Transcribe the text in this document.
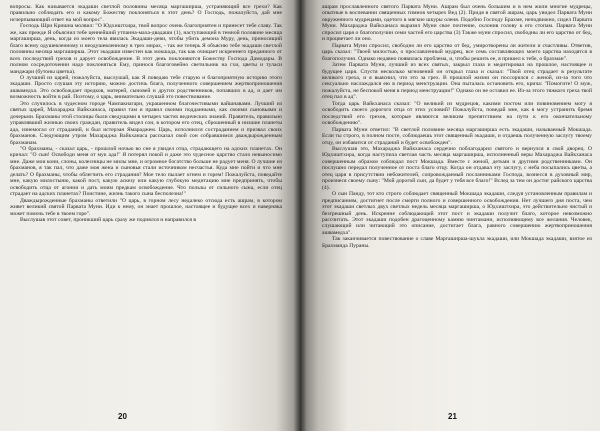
вопросы. Как называется экадаши светлой половины месяца маргаширша, устраняющий все грехи? Как правильно соблюдать его и какому Божеству поклоняться в этот день? О Господь, пожалуйста, дай мне исчерпывающий ответ на мой вопрос".

Господь Шри Кришна молвил: "О Юдхиштхира, твой вопрос очень благоприятен и принесет тебе славу. Так же, как прежде Я объяснил тебе ценнейший утпанна-маха-двадаши (1), наступающий в темной половине месяца маргаширша, день, когда из моего тела явилась Экадаши-деви, чтобы убить демона Муру, день, приносящий благо всему одушевленному и неодушевленному в трех мирах, - так же теперь Я объясню тебе экадаши светлой половины месяца маргаширша. Этот экадаши известен как мокшада, так как очищает искреннего преданного от всех последствий грехов и дарует освобождение. В этот день поклоняются Божеству Господа Дамодары. В полном сосредоточении надо поклоняться Ему, принося благоговейно светильник на гхи, цветы и тулаcи манджари (бутоны цветка).

О лучший из царей, пожалуйста, выслушай, как Я поведаю тебе старую и благоприятную историю этого экадаши. Просто слушая эту историю, можно достичь блага, полученного совершением жертвоприношения ашвамедха. Это освобождает предков, матерей, сыновей и других родственников, попавших в ад, и дает им возможность войти в рай. Поэтому, о царь, внимательно слушай это повествование.

Это случилось в чудесном городе Чампакнагари, украшенном благочестивыми вайшнавами. Лучший из святых царей, Махараджа Вайкханаса, правил там и правил своими подданными, как своими сыновьями и дочерьми. Брахманы этой столицы были сведущими в четырех частях ведических знаний. Правитель, правильно управлявший жизнью своих граждан, правитель видел сон, в котором его отец, сброшенный в низшие планеты ада, изнемогал от страданий, и был истерзан Ямараджем. Царь, исполнился состраданием и призвал своих брахманов. Следующим утром Махараджа Вайкханаса рассказал свой сон собравшимся дваждырожденным брахманам.

"О брахманы, - сказал царь, - прошлой ночью во сне я увидел отца, страдающего на адских планетах. Он кричал: "О сын! Освободи меня от мук ада!" Я потерял покой и даже это чудесное царство стало невыносимо мне. Даже мои кони, слоны, колесницы не милы мне, и огромное богатство больше не радует меня. О лучшие из брахманов, я так пал, что даже моя жена и сыновья стали источником несчастья. Куда мне пойти и что мне делать? О брахманы, чтобы облегчить его страдания? Мое тело пылает огнем и горем! Пожалуйста, поведайте мне, какую милостыню, какой пост, какую аскезу или какую глубокую медитацию мне предпринять, чтобы освободить отца от агонии и дать моим предкам освобождение. Что пользы от сильного сына, если отец страдает на адских планетах? Поистине, жизнь такого сына бесполезна!"

Дваждырожденные брахманы ответили "О царь, в горном лесу недалеко отсюда есть ашрам, в котором живет великий святой Парвата Муни. Иди к нему, он знает прошлое, настоящее и будущее всех и наверняка может помочь тебе в твоем горе".

Выслушав этот совет, проникший царь сразу же поднялся и направился в

20

ашрам прославленного святого Парвата Муни. Ашрам был очень большим и в нем жили многие мудрецы, опытные в воспевании священных гимнов четырех Вед (2). Придя в святой ашрам, царь увидел Парвата Муни окруженного мудрецами, одетого в мягкие шкуры оленя. Подобно Господу Брахме, неподвижно, сидел Парвата Муни. Махараджа Вайкханаса выразил Муни свое почтение, склонив голову к его стопам. Парвата Муни спросил царя о благополучии семи частей его царства (3) Также муни спросил, свободны ли его царство от бед, и процветает ли оно.

Парвата Муни спросил, свободно ли его царство от бед, умиротворены ли жители и счастливы. Ответив, царь сказал: "Твоей милостью, о прославленный мудрец, все семь составляющих моего царства находятся в благополучии. Однако недавно появилась проблема, и, чтобы решить ее, я пришел к тебе, о брахман".

Затем Парвата Муни, лучший из всех святых, закрыл глаза и медитировал на прошлое, настоящее и будущее царя. Спустя несколько мгновений он открыл глаза и сказал: "Твой отец страдает в результате великого греха, и я выяснил, что это за грех. В прошлой жизни он поссорился с женой, из-за того что сексуально наслаждался ею в период менструации. Она пыталась остановить его, крича: "Помогите! О муж, пожалуйста, не беспокой меня в период менструации!" Однако он не оставил ее. Из-за этого тяжкого греха твой отец пал в ад".

Тогда царь Вайкханаса сказал: "О великий из мудрецов, какими постом или повиновением могу я освободить своего дорогого отца от этих условий? Пожалуйста, поведай мне, как я могу устранить бремя последствий его грехов, которые являются великим препятствием на пути к его окончательному освобождению".

Парвата Муни ответил: "В светлой половине месяца маргаширша есть экадаши, называемый Мокшада. Если ты строго, в полном посте, соблюдаешь этот священный экадаши, и отдаешь полученную заслугу твоему отцу, он избавится от страданий и будет освобожден".

Выслушав это, Махараджа Вайкханаса сердечно поблагодарил святого и вернулся в свой дворец. О Юдхиштхира, когда наступила светлая часть месяца маргаширша, исполненный веры Махараджа Вайкханаса совершенным образом соблюдал пост Мокшада. Вместе с женой, детьми и другими родственниками. Он послушно передал полученное от поста благо отцу. Когда он отдавал эту заслугу, с неба посыпались цветы, а отец царя в присутствии небожителей, сопровождаемый посланниками Господа, вознесся в духовный мир, произнеся своему сыну: "Мой дорогой сын, да будет у тебя все благо!" Вслед за тем он достиг райского царства (4).

О сын Панду, тот кто строго соблюдает священный Мокшада экадаши, следуя установленным правилам и предписаниям, достигнет после смерти полного и совершенного освобождения. Нет лучшего дня поста, чем этот экадаши светлых двух светлых недель месяца маргаширша, о Юдхиштхира, это действительно чистый и безгрешный день. Искренне соблюдающий этот пост и экадаши получит благо, которое невозможно рассчитать. Этот экадаши подобен драгоценному камню чинтамани, исполняющему все желания. Человек, слушающий или читающий это описание, достигает блага, равного совершению жертвоприношения ашвамедха".

Так заканчивается повествование о славе Маргаширша-шукла экадаши, или Мокшада экадаши, взятое из Брахманда Пураны.

21
